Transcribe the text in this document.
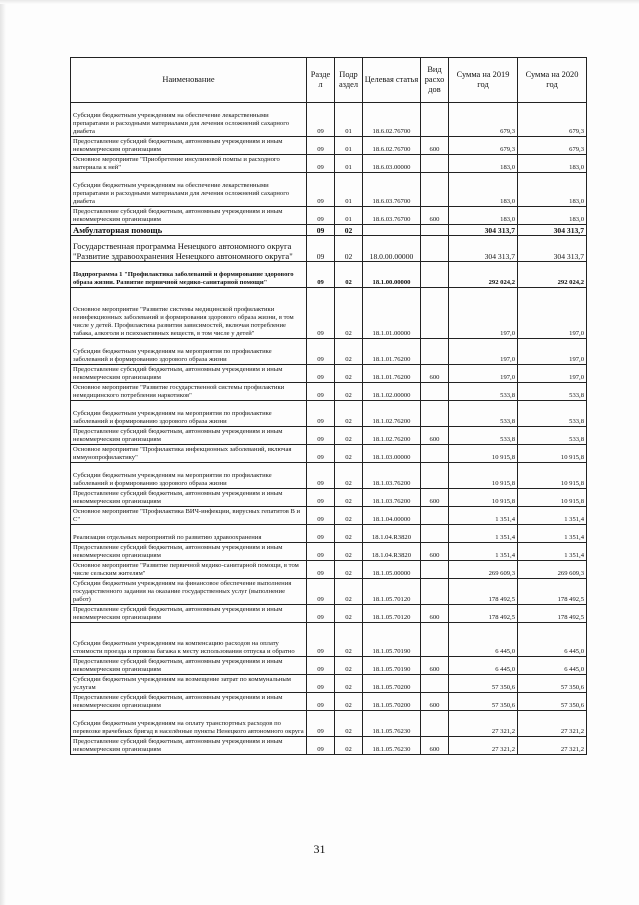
Наименование	Разде л	Подр аздел	Целевая статья	Вид расхо дов	Сумма на 2019 год	Сумма на 2020 год
Субсидии бюджетным учреждениям на обеспечение лекарственными препаратами и расходными материалами для лечения осложнений сахарного диабета	09	01	18.6.02.76700		679,3	679,3
Предоставление субсидий бюджетным, автономным учреждениям и иным некоммерческим организациям	09	01	18.6.02.76700	600	679,3	679,3
Основное мероприятие "Приобретение инсулиновой помпы и расходного материала к ней"	09	01	18.6.03.00000		183,0	183,0
Субсидии бюджетным учреждениям на обеспечение лекарственными препаратами и расходными материалами для лечения осложнений сахарного диабета	09	01	18.6.03.76700		183,0	183,0
Предоставление субсидий бюджетным, автономным учреждениям и иным некоммерческим организациям	09	01	18.6.03.76700	600	183,0	183,0
Амбулаторная помощь	09	02			304 313,7	304 313,7
Государственная программа Ненецкого автономного округа "Развитие здравоохранения Ненецкого автономного округа"	09	02	18.0.00.00000		304 313,7	304 313,7
Подпрограмма 1 "Профилактика заболеваний и формирование здорового образа жизни. Развитие первичной медико-санитарной помощи"	09	02	18.1.00.00000		292 024,2	292 024,2
Основное мероприятие "Развитие системы медицинской профилактики неинфекционных заболеваний и формирования здорового образа жизни, в том числе у детей. Профилактика развития зависимостей, включая потребление табака, алкоголя и психоактивных веществ, в том числе у детей"	09	02	18.1.01.00000		197,0	197,0
Субсидии бюджетным учреждениям на мероприятия по профилактике заболеваний и формированию здорового образа жизни	09	02	18.1.01.76200		197,0	197,0
Предоставление субсидий бюджетным, автономным учреждениям и иным некоммерческим организациям	09	02	18.1.01.76200	600	197,0	197,0
Основное мероприятие "Развитие государственной системы профилактики немедицинского потребления наркотиков"	09	02	18.1.02.00000		533,8	533,8
Субсидии бюджетным учреждениям на мероприятия по профилактике заболеваний и формированию здорового образа жизни	09	02	18.1.02.76200		533,8	533,8
Предоставление субсидий бюджетным, автономным учреждениям и иным некоммерческим организациям	09	02	18.1.02.76200	600	533,8	533,8
Основное мероприятие "Профилактика инфекционных заболеваний, включая иммунопрофилактику"	09	02	18.1.03.00000		10 915,8	10 915,8
Субсидии бюджетным учреждениям на мероприятия по профилактике заболеваний и формированию здорового образа жизни	09	02	18.1.03.76200		10 915,8	10 915,8
Предоставление субсидий бюджетным, автономным учреждениям и иным некоммерческим организациям	09	02	18.1.03.76200	600	10 915,8	10 915,8
Основное мероприятие "Профилактика ВИЧ-инфекции, вирусных гепатитов В и С"	09	02	18.1.04.00000		1 351,4	1 351,4
Реализация отдельных мероприятий по развитию здравоохранения	09	02	18.1.04.R3820		1 351,4	1 351,4
Предоставление субсидий бюджетным, автономным учреждениям и иным некоммерческим организациям	09	02	18.1.04.R3820	600	1 351,4	1 351,4
Основное мероприятие "Развитие первичной медико-санитарной помощи, в том числе сельским жителям"	09	02	18.1.05.00000		269 609,3	269 609,3
Субсидии бюджетным учреждениям на финансовое обеспечение выполнения государственного задания на оказание государственных услуг (выполнение работ)	09	02	18.1.05.70120		178 492,5	178 492,5
Предоставление субсидий бюджетным, автономным учреждениям и иным некоммерческим организациям	09	02	18.1.05.70120	600	178 492,5	178 492,5
Субсидии бюджетным учреждениям на компенсацию расходов на оплату стоимости проезда и провоза багажа к месту использования отпуска и обратно	09	02	18.1.05.70190		6 445,0	6 445,0
Предоставление субсидий бюджетным, автономным учреждениям и иным некоммерческим организациям	09	02	18.1.05.70190	600	6 445,0	6 445,0
Субсидии бюджетным учреждениям на возмещение затрат по коммунальным услугам	09	02	18.1.05.70200		57 350,6	57 350,6
Предоставление субсидий бюджетным, автономным учреждениям и иным некоммерческим организациям	09	02	18.1.05.70200	600	57 350,6	57 350,6
Субсидии бюджетным учреждениям на оплату транспортных расходов по перевозке врачебных бригад в населённые пункты Ненецкого автономного округа	09	02	18.1.05.76230		27 321,2	27 321,2
Предоставление субсидий бюджетным, автономным учреждениям и иным некоммерческим организациям	09	02	18.1.05.76230	600	27 321,2	27 321,2
31
